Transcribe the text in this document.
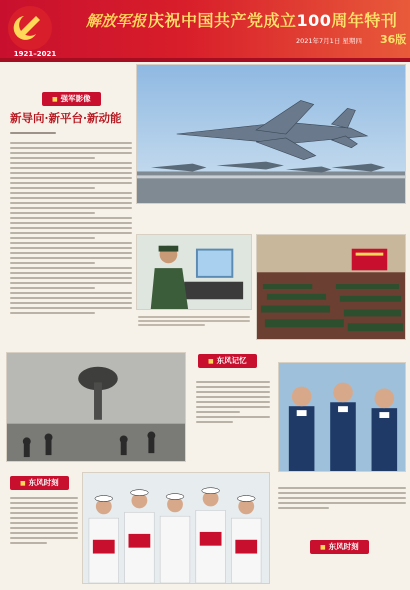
1921–2021
解放军报 庆祝中国共产党成立100周年特刊
2021年7月1日 星期四 36版
■ 强军影像
新导向·新平台·新动能
■ 东风记忆
■ 东风时刻
■ 东风时刻
